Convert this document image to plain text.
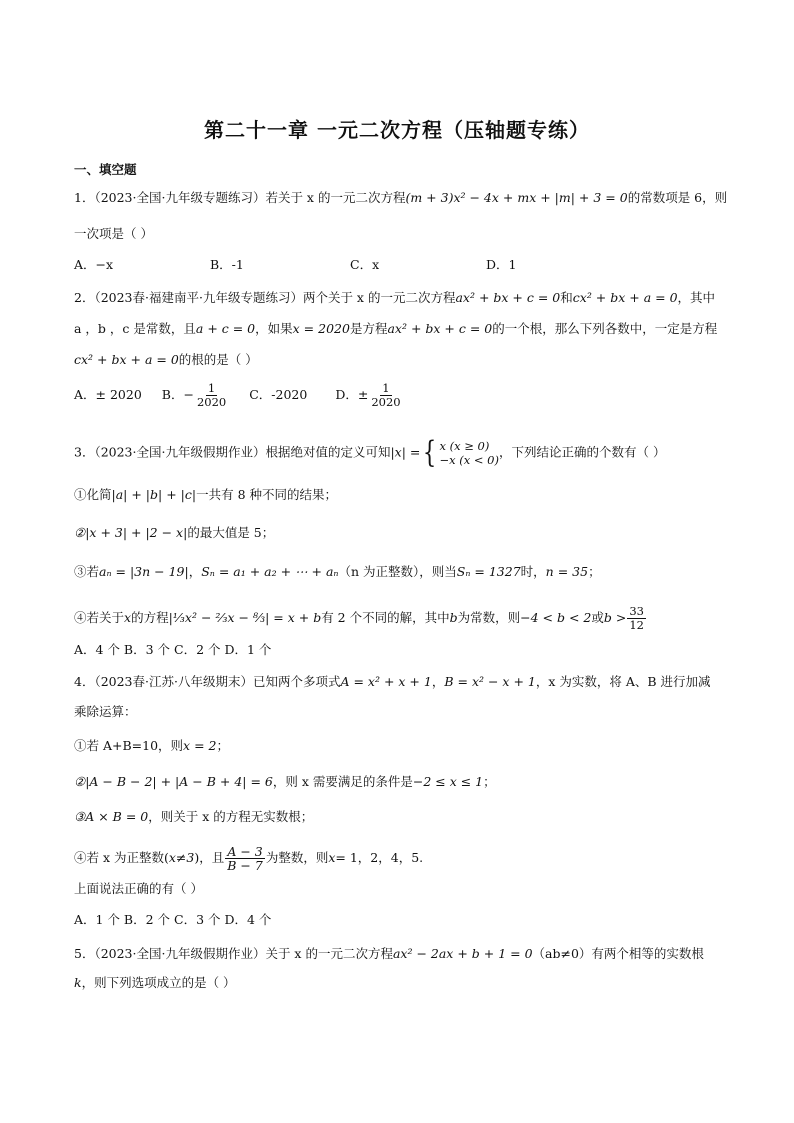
第二十一章 一元二次方程（压轴题专练）
一、填空题
1．（2023·全国·九年级专题练习）若关于 x 的一元二次方程(m + 3)x² − 4x + mx + |m| + 3 = 0的常数项是 6，则
一次项是（ ）
A．−x	B．-1	C．x	D．1
2．（2023春·福建南平·九年级专题练习）两个关于 x 的一元二次方程ax² + bx + c = 0和cx² + bx + a = 0，其中
a ，b ，c 是常数，且a + c = 0，如果x = 2020是方程ax² + bx + c = 0的一个根，那么下列各数中，一定是方程
cx² + bx + a = 0的根的是（ ）
A．± 2020 B．− $\frac{1}{2020}$ C．-2020 D．± $\frac{1}{2020}$
3．（2023·全国·九年级假期作业）根据绝对值的定义可知|x| = { x (x ≥ 0)
−x (x < 0)
，下列结论正确的个数有（ ）
①化简|a| + |b| + |c|一共有 8 种不同的结果；
②|x + 3| + |2 − x|的最大值是 5；
③若aₙ = |3n − 19|，Sₙ = a₁ + a₂ + ⋯ + aₙ（n 为正整数），则当Sₙ = 1327时，n = 35；
④若关于x的方程|⅓x² − ⅔x − ⁸⁄₃| = x + b有 2 个不同的解，其中b为常数，则−4 < b < 2或$b > \frac{33}{12}$
A．4 个 B．3 个 C．2 个 D．1 个
4．（2023春·江苏·八年级期末）已知两个多项式A = x² + x + 1，B = x² − x + 1，x 为实数，将 A、B 进行加减
乘除运算：
①若 A+B=10，则x = 2；
②|A − B − 2| + |A − B + 4| = 6，则 x 需要满足的条件是−2 ≤ x ≤ 1；
③A × B = 0，则关于 x 的方程无实数根；
④若 x 为正整数(x≠3)，且 $\frac{A - 3}{B - 7}$ 为整数，则x= 1，2，4，5.
上面说法正确的有（ ）
A．1 个 B．2 个 C．3 个 D．4 个
5．（2023·全国·九年级假期作业）关于 x 的一元二次方程ax² − 2ax + b + 1 = 0（ab≠0）有两个相等的实数根
k，则下列选项成立的是（ ）
